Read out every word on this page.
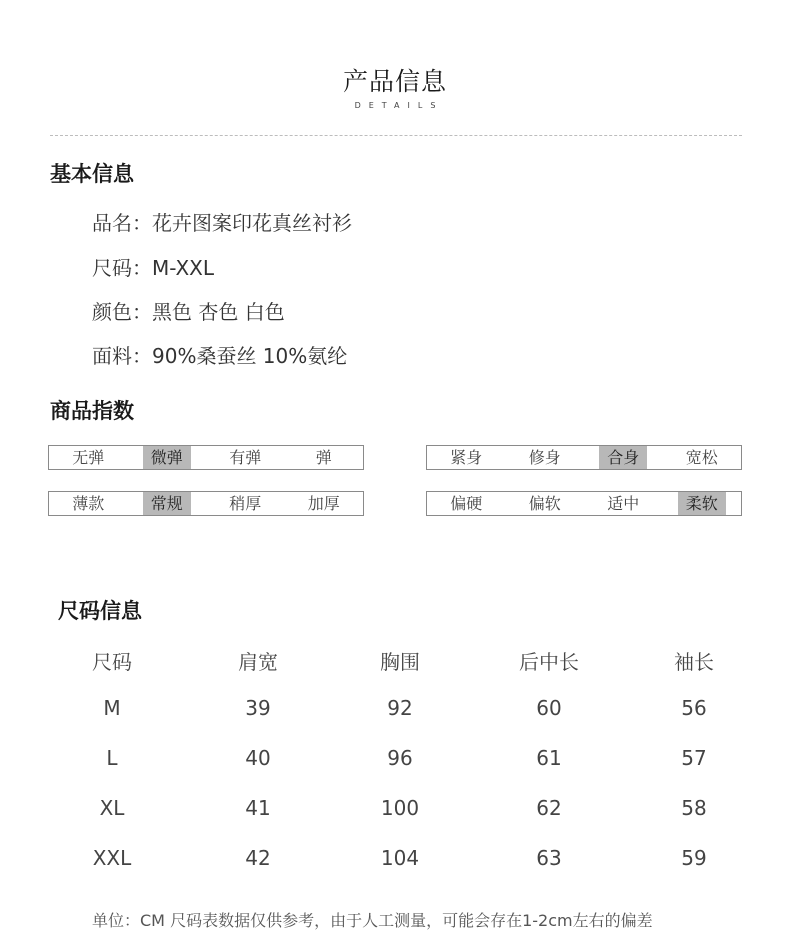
产品信息
DETAILS
基本信息
品名：花卉图案印花真丝衬衫
尺码：M-XXL
颜色：黑色 杏色 白色
面料：90%桑蚕丝 10%氨纶
商品指数
无弹	微弹	有弹	弹	紧身	修身	合身	宽松
薄款	常规	稍厚	加厚	偏硬	偏软	适中	柔软
尺码信息
尺码	肩宽	胸围	后中长	袖长
M	39	92	60	56
L	40	96	61	57
XL	41	100	62	58
XXL	42	104	63	59
单位：CM 尺码表数据仅供参考，由于人工测量，可能会存在1-2cm左右的偏差
